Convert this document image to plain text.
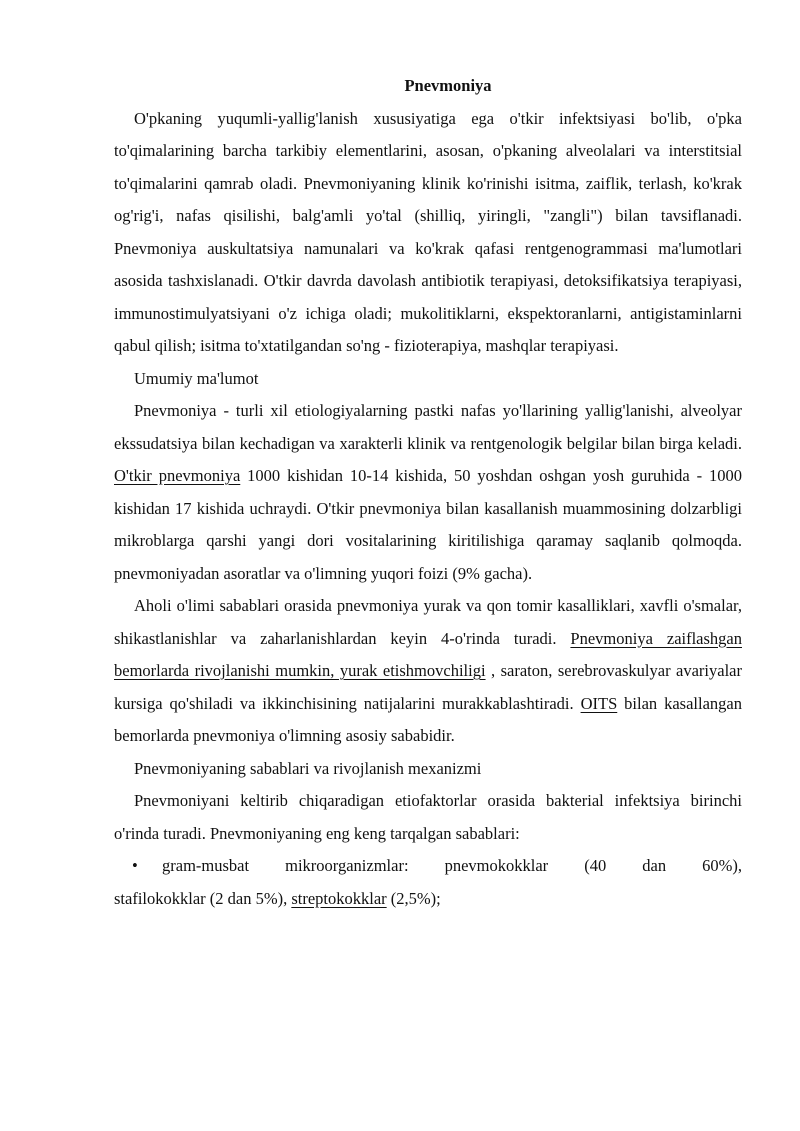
Pnevmoniya

O'pkaning yuqumli-yallig'lanish xususiyatiga ega o'tkir infektsiyasi bo'lib, o'pka to'qimalarining barcha tarkibiy elementlarini, asosan, o'pkaning alveolalari va interstitsial to'qimalarini qamrab oladi. Pnevmoniyaning klinik ko'rinishi isitma, zaiflik, terlash, ko'krak og'rig'i, nafas qisilishi, balg'amli yo'tal (shilliq, yiringli, "zangli") bilan tavsiflanadi. Pnevmoniya auskultatsiya namunalari va ko'krak qafasi rentgenogrammasi ma'lumotlari asosida tashxislanadi. O'tkir davrda davolash antibiotik terapiyasi, detoksifikatsiya terapiyasi, immunostimulyatsiyani o'z ichiga oladi; mukolitiklarni, ekspektoranlarni, antigistaminlarni qabul qilish; isitma to'xtatilgandan so'ng - fizioterapiya, mashqlar terapiyasi.

Umumiy ma'lumot

Pnevmoniya - turli xil etiologiyalarning pastki nafas yo'llarining yallig'lanishi, alveolyar ekssudatsiya bilan kechadigan va xarakterli klinik va rentgenologik belgilar bilan birga keladi. O'tkir pnevmoniya 1000 kishidan 10-14 kishida, 50 yoshdan oshgan yosh guruhida - 1000 kishidan 17 kishida uchraydi. O'tkir pnevmoniya bilan kasallanish muammosining dolzarbligi mikroblarga qarshi yangi dori vositalarining kiritilishiga qaramay saqlanib qolmoqda. pnevmoniyadan asoratlar va o'limning yuqori foizi (9% gacha).

Aholi o'limi sabablari orasida pnevmoniya yurak va qon tomir kasalliklari, xavfli o'smalar, shikastlanishlar va zaharlanishlardan keyin 4-o'rinda turadi. Pnevmoniya zaiflashgan bemorlarda rivojlanishi mumkin, yurak etishmovchiligi , saraton, serebrovaskulyar avariyalar kursiga qo'shiladi va ikkinchisining natijalarini murakkablashtiradi. OITS bilan kasallangan bemorlarda pnevmoniya o'limning asosiy sababidir.

Pnevmoniyaning sabablari va rivojlanish mexanizmi

Pnevmoniyani keltirib chiqaradigan etiofaktorlar orasida bakterial infektsiya birinchi o'rinda turadi. Pnevmoniyaning eng keng tarqalgan sabablari:

• gram-musbat mikroorganizmlar: pnevmokokklar (40 dan 60%),
stafilokokklar (2 dan 5%), streptokokklar (2,5%);
